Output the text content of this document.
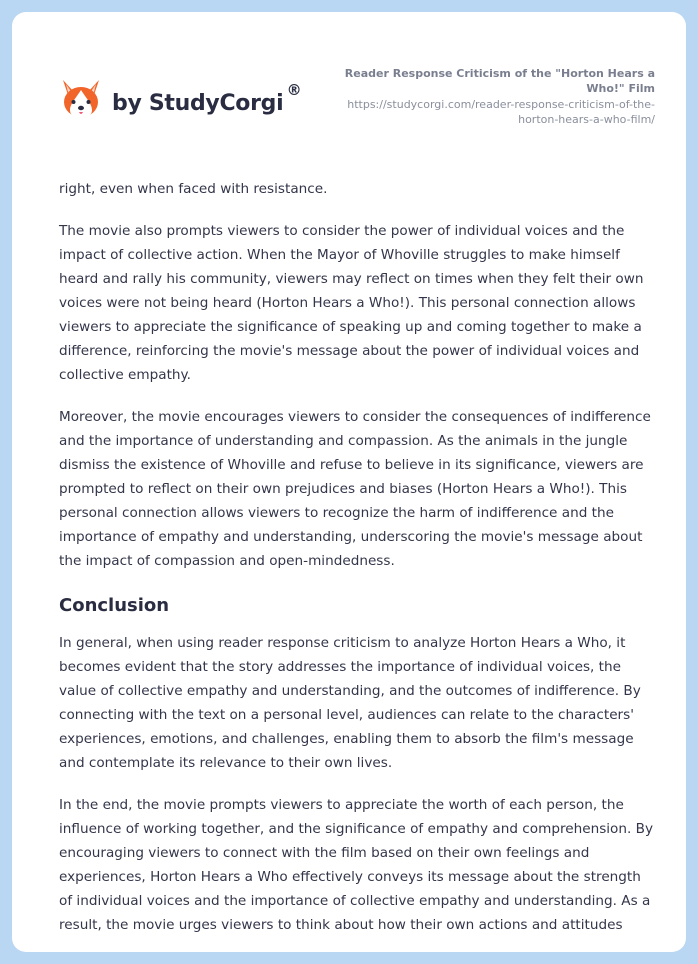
by StudyCorgi
®
Reader Response Criticism of the "Horton Hears a Who!" Film
https://studycorgi.com/reader-response-criticism-of-the-horton-hears-a-who-film/

right, even when faced with resistance.

The movie also prompts viewers to consider the power of individual voices and the impact of collective action. When the Mayor of Whoville struggles to make himself heard and rally his community, viewers may reflect on times when they felt their own voices were not being heard (Horton Hears a Who!). This personal connection allows viewers to appreciate the significance of speaking up and coming together to make a difference, reinforcing the movie's message about the power of individual voices and collective empathy.

Moreover, the movie encourages viewers to consider the consequences of indifference and the importance of understanding and compassion. As the animals in the jungle dismiss the existence of Whoville and refuse to believe in its significance, viewers are prompted to reflect on their own prejudices and biases (Horton Hears a Who!). This personal connection allows viewers to recognize the harm of indifference and the importance of empathy and understanding, underscoring the movie's message about the impact of compassion and open-mindedness.

Conclusion

In general, when using reader response criticism to analyze Horton Hears a Who, it becomes evident that the story addresses the importance of individual voices, the value of collective empathy and understanding, and the outcomes of indifference. By connecting with the text on a personal level, audiences can relate to the characters' experiences, emotions, and challenges, enabling them to absorb the film's message and contemplate its relevance to their own lives.

In the end, the movie prompts viewers to appreciate the worth of each person, the influence of working together, and the significance of empathy and comprehension. By encouraging viewers to connect with the film based on their own feelings and experiences, Horton Hears a Who effectively conveys its message about the strength of individual voices and the importance of collective empathy and understanding. As a result, the movie urges viewers to think about how their own actions and attitudes
